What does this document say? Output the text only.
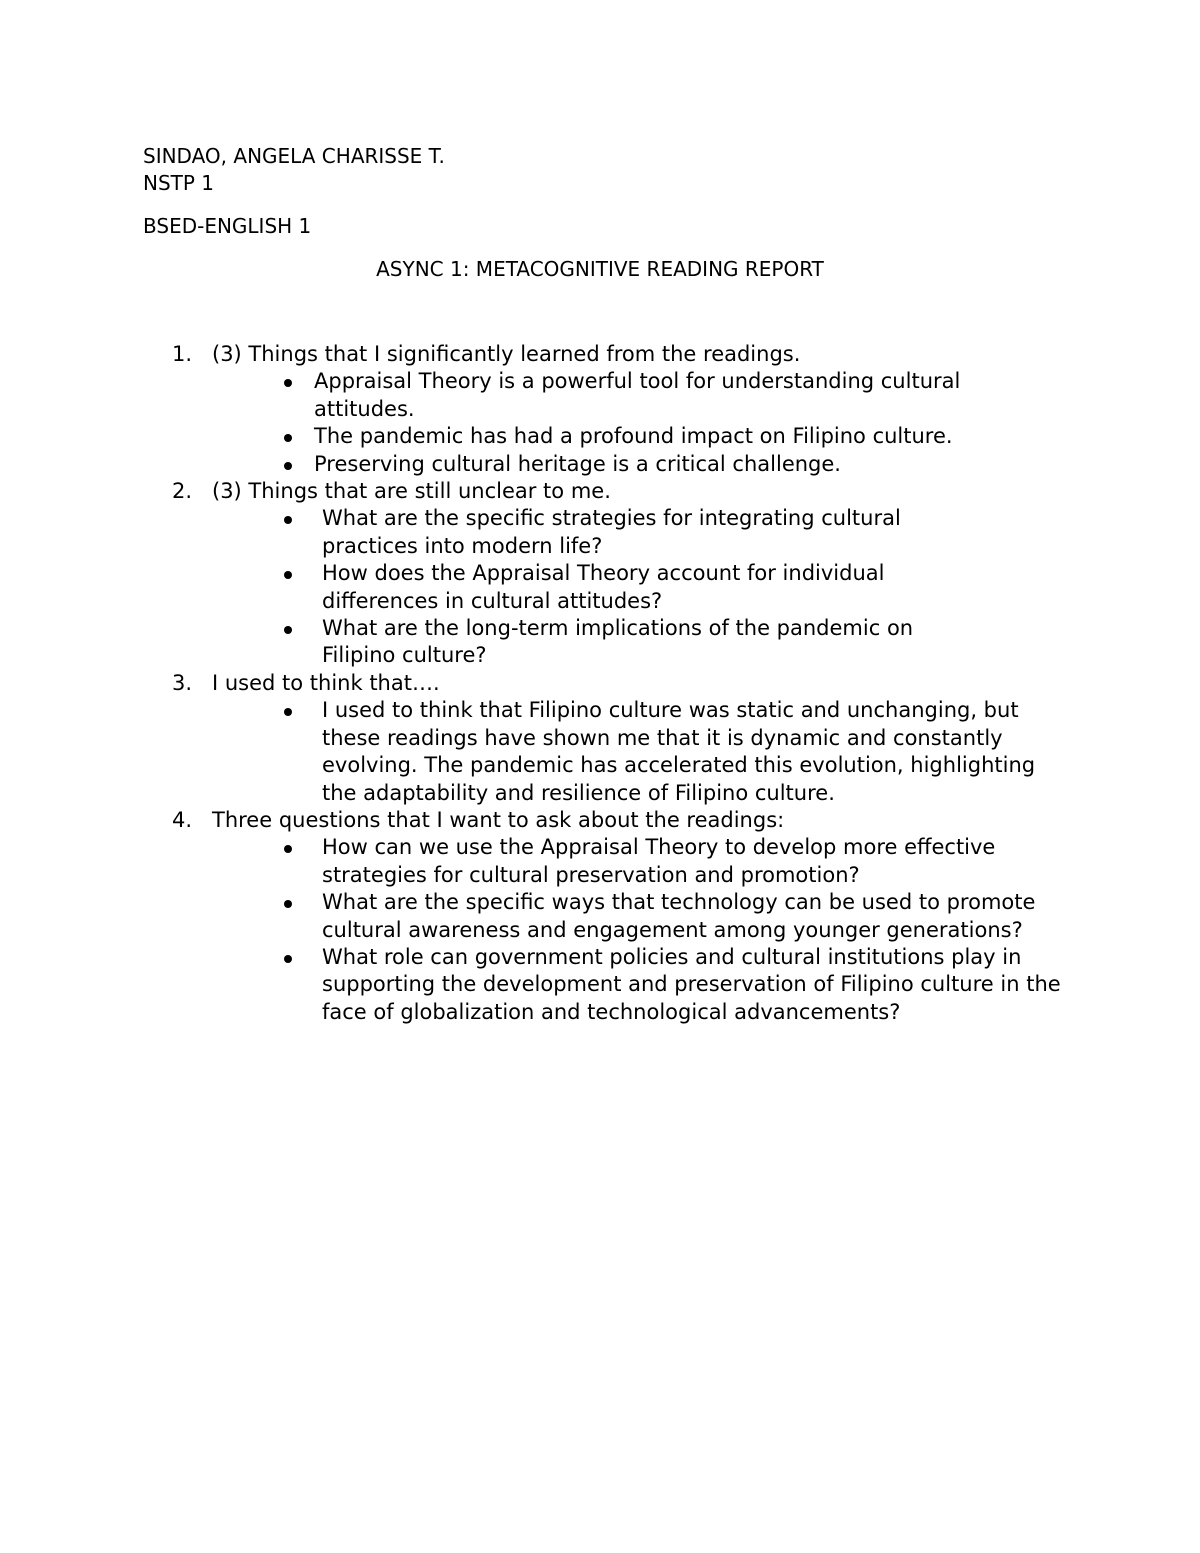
SINDAO, ANGELA CHARISSE T.
NSTP 1
BSED-ENGLISH 1
ASYNC 1: METACOGNITIVE READING REPORT
1. (3) Things that I significantly learned from the readings.
Appraisal Theory is a powerful tool for understanding cultural attitudes.
The pandemic has had a profound impact on Filipino culture.
Preserving cultural heritage is a critical challenge.
2. (3) Things that are still unclear to me.
What are the specific strategies for integrating cultural practices into modern life?
How does the Appraisal Theory account for individual differences in cultural attitudes?
What are the long-term implications of the pandemic on Filipino culture?
3. I used to think that….
I used to think that Filipino culture was static and unchanging, but these readings have shown me that it is dynamic and constantly evolving. The pandemic has accelerated this evolution, highlighting the adaptability and resilience of Filipino culture.
4. Three questions that I want to ask about the readings:
How can we use the Appraisal Theory to develop more effective strategies for cultural preservation and promotion?
What are the specific ways that technology can be used to promote cultural awareness and engagement among younger generations?
What role can government policies and cultural institutions play in supporting the development and preservation of Filipino culture in the face of globalization and technological advancements?
